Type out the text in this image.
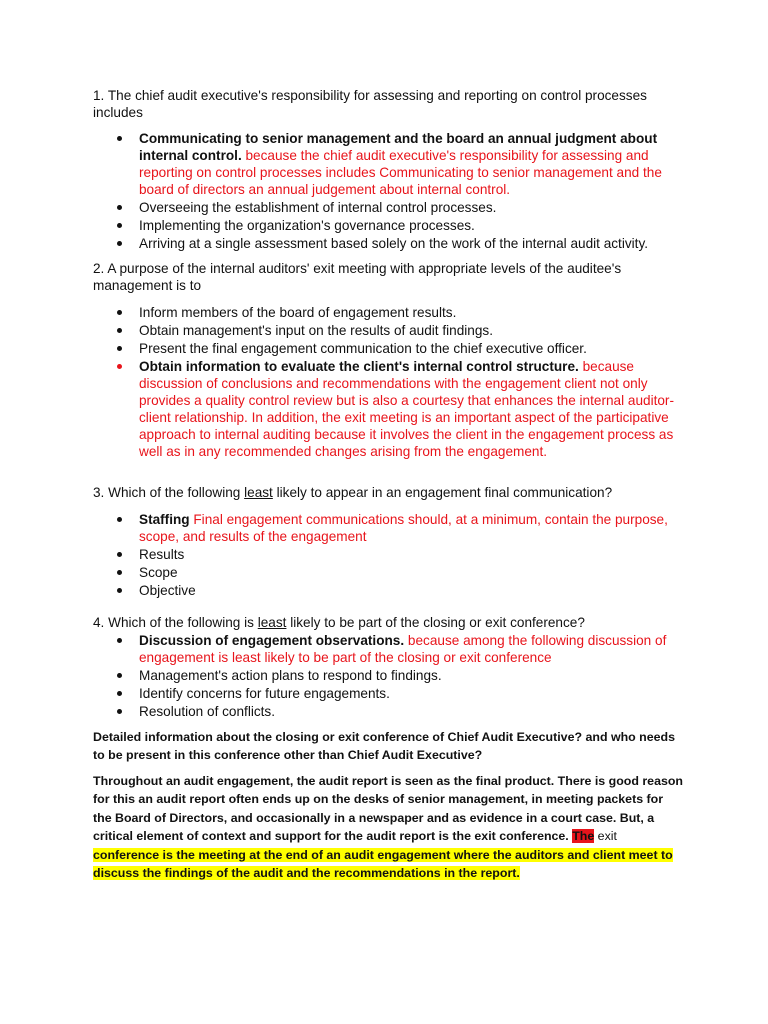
1. The chief audit executive's responsibility for assessing and reporting on control processes includes

Communicating to senior management and the board an annual judgment about internal control. because the chief audit executive's responsibility for assessing and reporting on control processes includes Communicating to senior management and the board of directors an annual judgement about internal control.
Overseeing the establishment of internal control processes.
Implementing the organization's governance processes.
Arriving at a single assessment based solely on the work of the internal audit activity.

2. A purpose of the internal auditors' exit meeting with appropriate levels of the auditee's management is to

Inform members of the board of engagement results.
Obtain management's input on the results of audit findings.
Present the final engagement communication to the chief executive officer.
Obtain information to evaluate the client's internal control structure. because discussion of conclusions and recommendations with the engagement client not only provides a quality control review but is also a courtesy that enhances the internal auditor-client relationship. In addition, the exit meeting is an important aspect of the participative approach to internal auditing because it involves the client in the engagement process as well as in any recommended changes arising from the engagement.

3. Which of the following least likely to appear in an engagement final communication?

Staffing Final engagement communications should, at a minimum, contain the purpose, scope, and results of the engagement
Results
Scope
Objective

4. Which of the following is least likely to be part of the closing or exit conference?

Discussion of engagement observations. because among the following discussion of engagement is least likely to be part of the closing or exit conference
Management's action plans to respond to findings.
Identify concerns for future engagements.
Resolution of conflicts.

Detailed information about the closing or exit conference of Chief Audit Executive? and who needs to be present in this conference other than Chief Audit Executive?

Throughout an audit engagement, the audit report is seen as the final product. There is good reason for this an audit report often ends up on the desks of senior management, in meeting packets for the Board of Directors, and occasionally in a newspaper and as evidence in a court case. But, a critical element of context and support for the audit report is the exit conference. The exit conference is the meeting at the end of an audit engagement where the auditors and client meet to discuss the findings of the audit and the recommendations in the report.
